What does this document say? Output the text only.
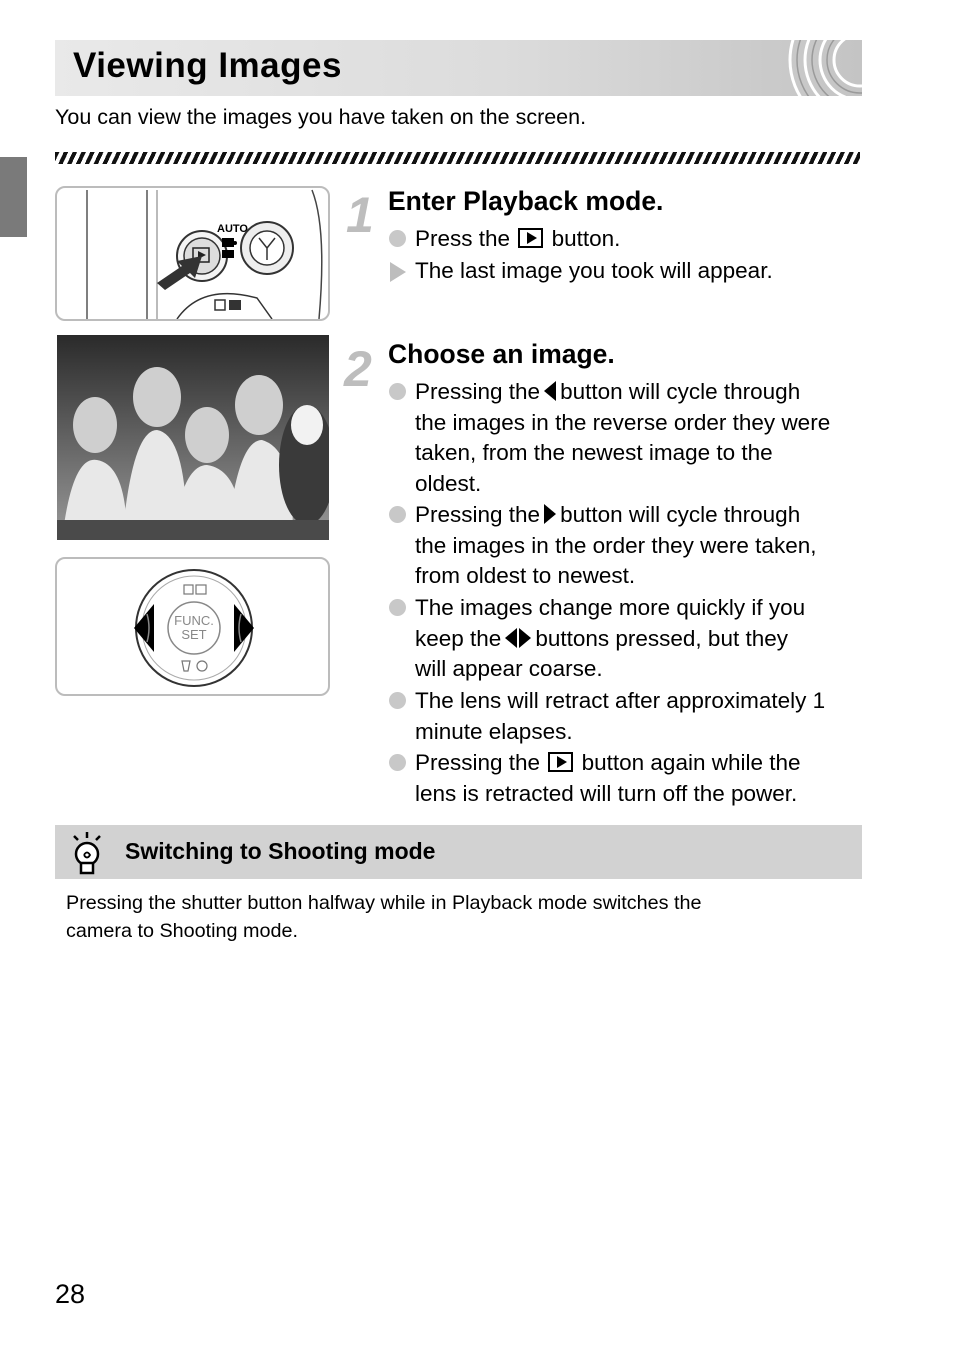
Viewing Images
You can view the images you have taken on the screen.
AUTO
FUNC.
SET
1 Enter Playback mode.
Press the button.
The last image you took will appear.
2 Choose an image.
Pressing the button will cycle through
the images in the reverse order they were
taken, from the newest image to the
oldest.
Pressing the button will cycle through
the images in the order they were taken,
from oldest to newest.
The images change more quickly if you
keep the buttons pressed, but they
will appear coarse.
The lens will retract after approximately 1
minute elapses.
Pressing the button again while the
lens is retracted will turn off the power.
Switching to Shooting mode
Pressing the shutter button halfway while in Playback mode switches the
camera to Shooting mode.
28
